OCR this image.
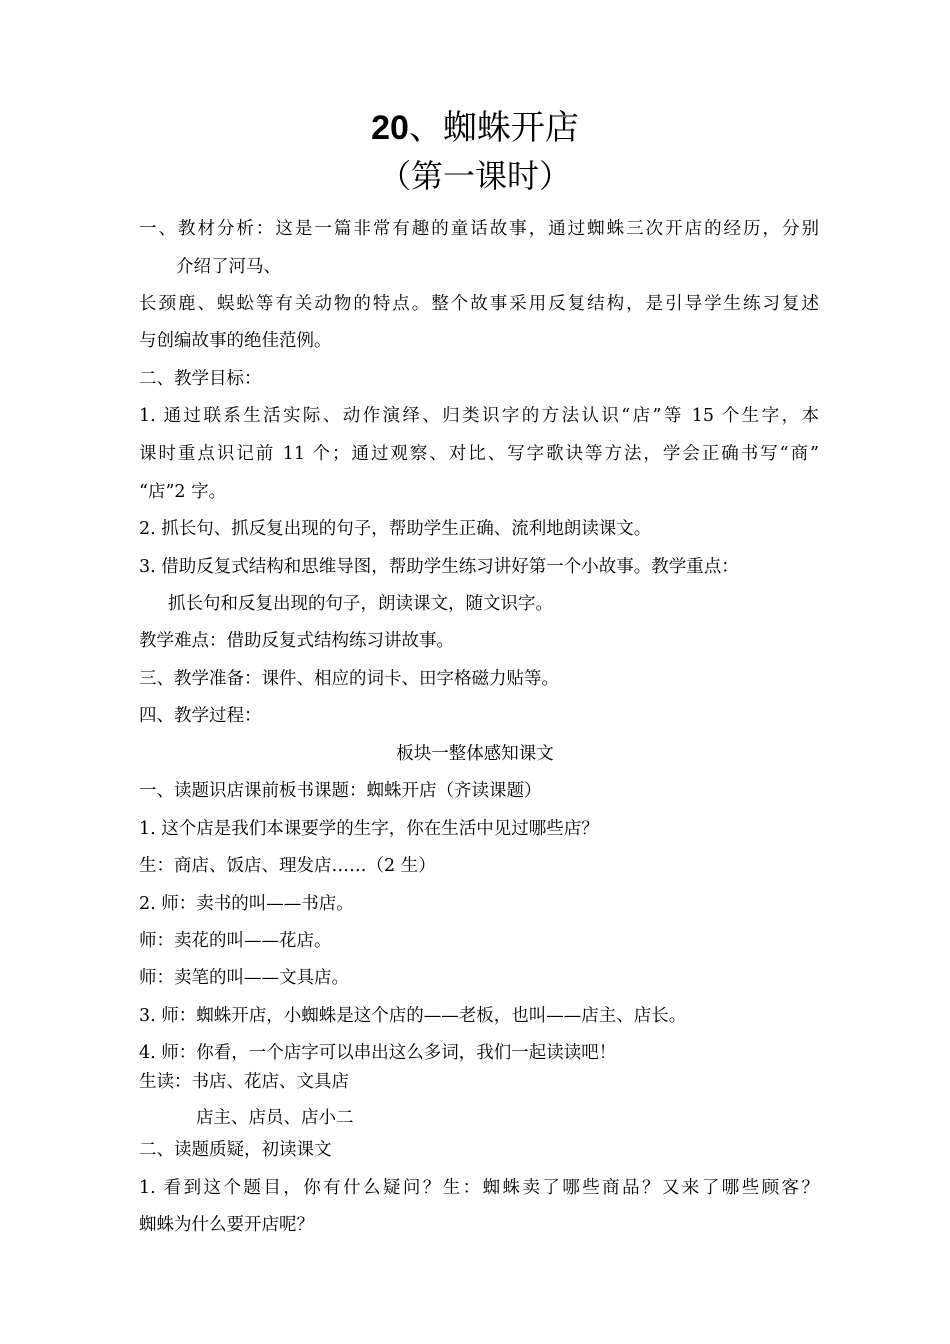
20、蜘蛛开店
（第一课时）
一、教材分析：这是一篇非常有趣的童话故事，通过蜘蛛三次开店的经历，分别
介绍了河马、
长颈鹿、蜈蚣等有关动物的特点。整个故事采用反复结构，是引导学生练习复述
与创编故事的绝佳范例。
二、教学目标：
1. 通过联系生活实际、动作演绎、归类识字的方法认识“店”等 15 个生字，本
课时重点识记前 11 个；通过观察、对比、写字歌诀等方法，学会正确书写“商”
“店”2 字。
2. 抓长句、抓反复出现的句子，帮助学生正确、流利地朗读课文。
3. 借助反复式结构和思维导图，帮助学生练习讲好第一个小故事。教学重点：
抓长句和反复出现的句子，朗读课文，随文识字。
教学难点：借助反复式结构练习讲故事。
三、教学准备：课件、相应的词卡、田字格磁力贴等。
四、教学过程：
板块一整体感知课文
一、读题识店课前板书课题：蜘蛛开店（齐读课题）
1. 这个店是我们本课要学的生字，你在生活中见过哪些店？
生：商店、饭店、理发店……（2 生）
2. 师：卖书的叫——书店。
师：卖花的叫——花店。
师：卖笔的叫——文具店。
3. 师：蜘蛛开店，小蜘蛛是这个店的——老板，也叫——店主、店长。
4. 师：你看，一个店字可以串出这么多词，我们一起读读吧！
生读：书店、花店、文具店
店主、店员、店小二
二、读题质疑，初读课文
1. 看到这个题目，你有什么疑问？生：蜘蛛卖了哪些商品？又来了哪些顾客？
蜘蛛为什么要开店呢？
